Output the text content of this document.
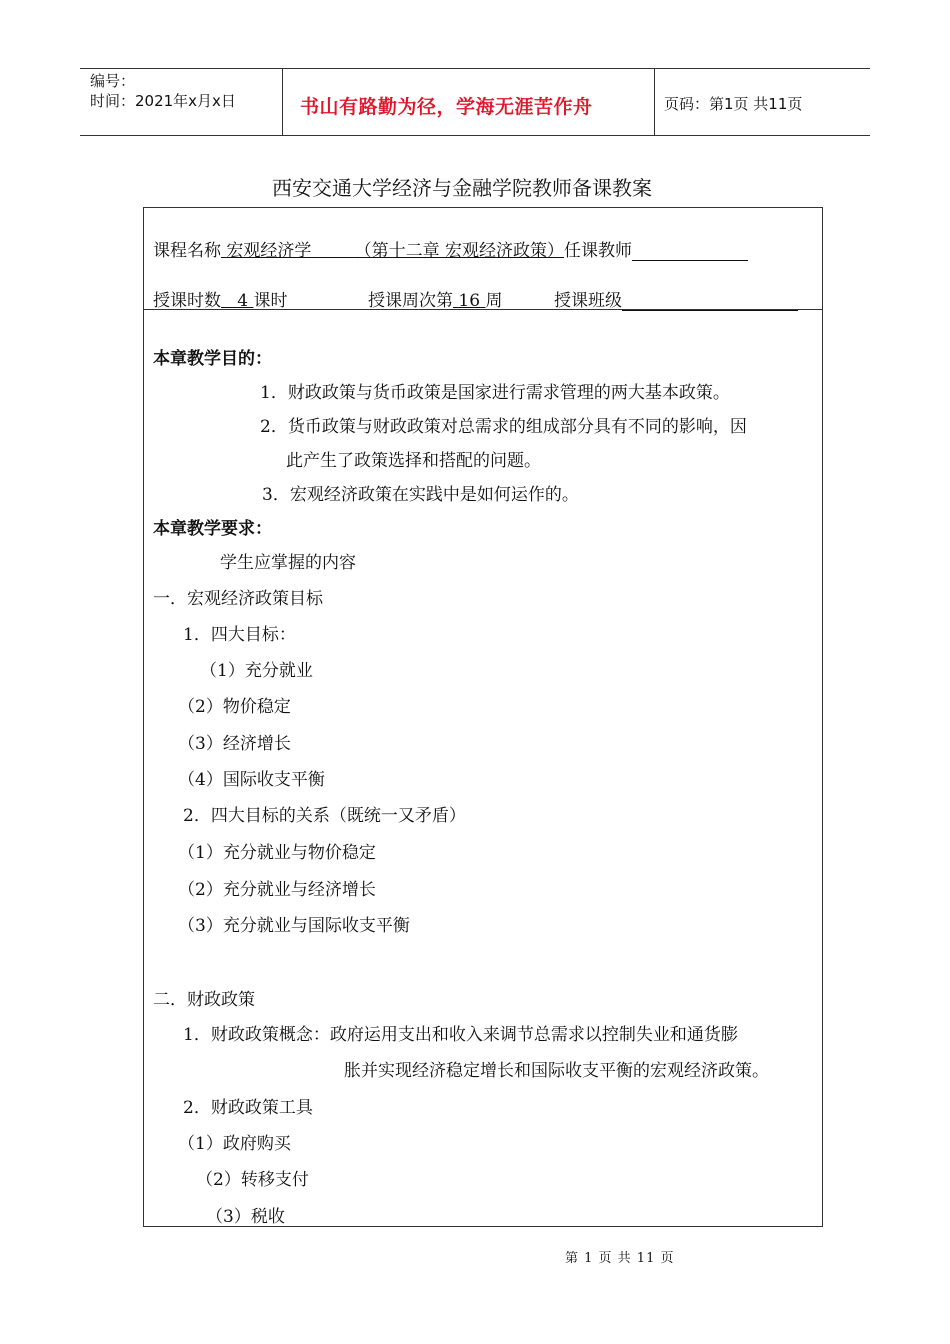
编号：
时间：2021年x月x日	书山有路勤为径，学海无涯苦作舟	页码：第1页 共11页
西安交通大学经济与金融学院教师备课教案
课程名称 宏观经济学	（第十二章 宏观经济政策）任课教师
授课时数 4 课时	授课周次第 16 周	授课班级
本章教学目的：
1．财政政策与货币政策是国家进行需求管理的两大基本政策。
2．货币政策与财政政策对总需求的组成部分具有不同的影响，因
此产生了政策选择和搭配的问题。
3．宏观经济政策在实践中是如何运作的。
本章教学要求：
学生应掌握的内容
一．宏观经济政策目标
1．四大目标：
（1）充分就业
（2）物价稳定
（3）经济增长
（4）国际收支平衡
2．四大目标的关系（既统一又矛盾）
（1）充分就业与物价稳定
（2）充分就业与经济增长
（3）充分就业与国际收支平衡
二．财政政策
1．财政政策概念：政府运用支出和收入来调节总需求以控制失业和通货膨
胀并实现经济稳定增长和国际收支平衡的宏观经济政策。
2．财政政策工具
（1）政府购买
（2）转移支付
（3）税收
第 1 页 共 11 页
